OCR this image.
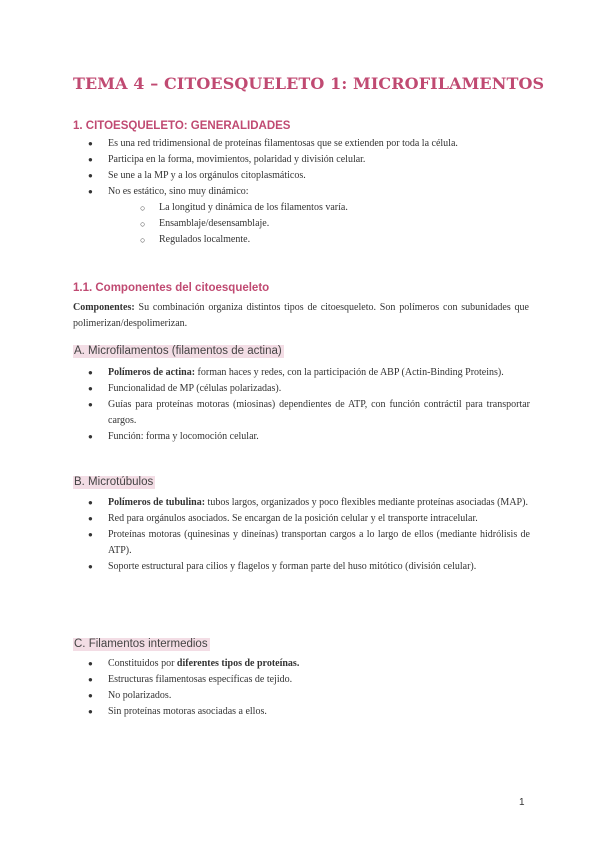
TEMA 4 – CITOESQUELETO 1: MICROFILAMENTOS
1. CITOESQUELETO: GENERALIDADES
● Es una red tridimensional de proteínas filamentosas que se extienden por toda la célula.
● Participa en la forma, movimientos, polaridad y división celular.
● Se une a la MP y a los orgánulos citoplasmáticos.
● No es estático, sino muy dinámico:
○ La longitud y dinámica de los filamentos varía.
○ Ensamblaje/desensamblaje.
○ Regulados localmente.
1.1. Componentes del citoesqueleto
Componentes: Su combinación organiza distintos tipos de citoesqueleto. Son polímeros con subunidades que polimerizan/despolimerizan.
A. Microfilamentos (filamentos de actina)
● Polímeros de actina: forman haces y redes, con la participación de ABP (Actin-Binding Proteins).
● Funcionalidad de MP (células polarizadas).
● Guías para proteínas motoras (miosinas) dependientes de ATP, con función contráctil para transportar cargos.
● Función: forma y locomoción celular.
B. Microtúbulos
● Polímeros de tubulina: tubos largos, organizados y poco flexibles mediante proteínas asociadas (MAP).
● Red para orgánulos asociados. Se encargan de la posición celular y el transporte intracelular.
● Proteínas motoras (quinesinas y dineínas) transportan cargos a lo largo de ellos (mediante hidrólisis de ATP).
● Soporte estructural para cilios y flagelos y forman parte del huso mitótico (división celular).
C. Filamentos intermedios
● Constituidos por diferentes tipos de proteínas.
● Estructuras filamentosas específicas de tejido.
● No polarizados.
● Sin proteínas motoras asociadas a ellos.
1
